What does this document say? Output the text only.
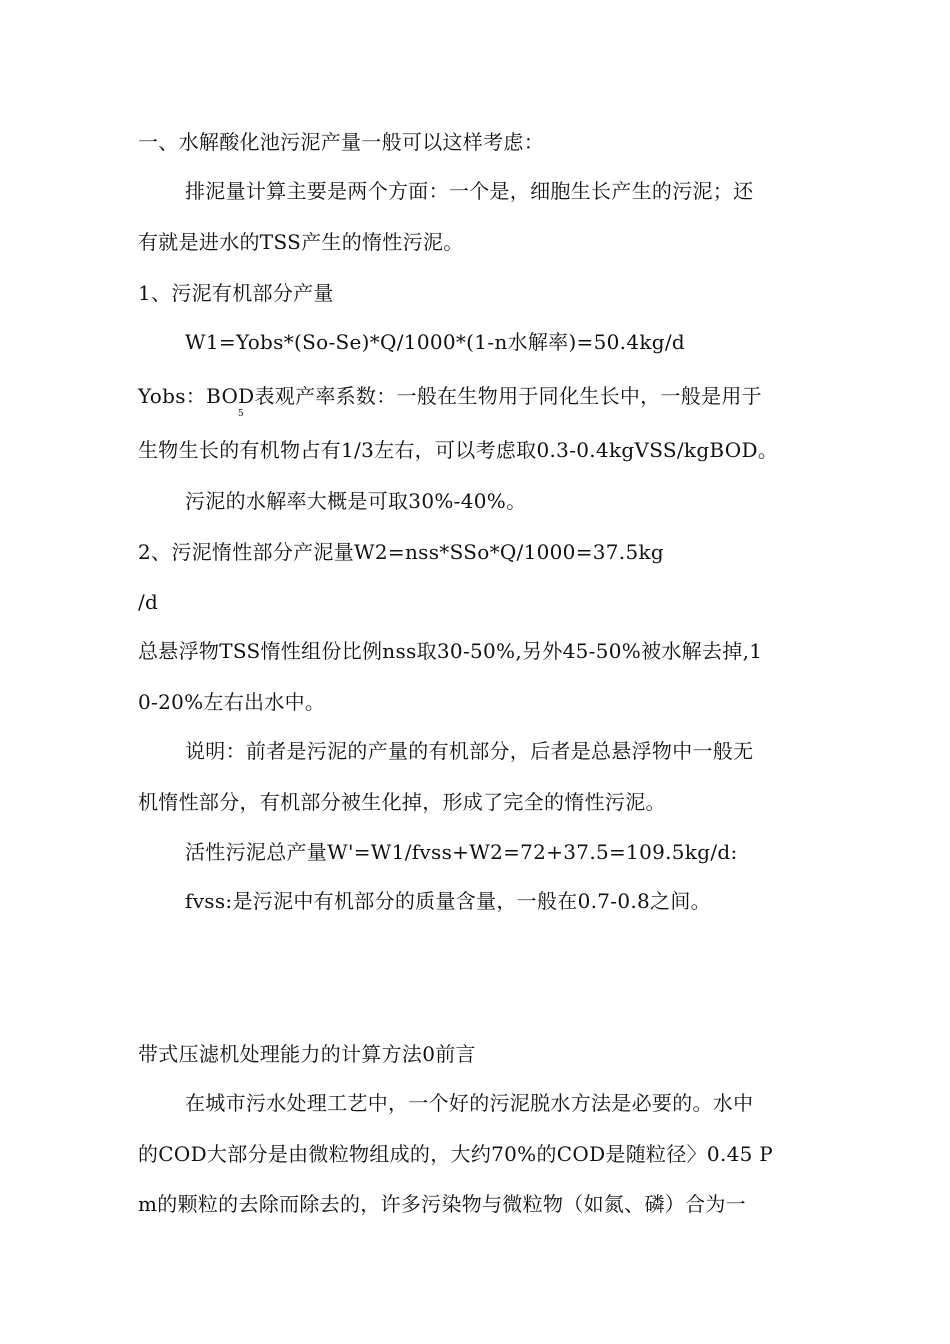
一、水解酸化池污泥产量一般可以这样考虑：
排泥量计算主要是两个方面：一个是，细胞生长产生的污泥；还
有就是进水的TSS产生的惰性污泥。
1、污泥有机部分产量
W1=Yobs*(So-Se)*Q/1000*(1-n水解率)=50.4kg/d
Yobs：BOD表观产率系数：一般在生物用于同化生长中，一般是用于
5
生物生长的有机物占有1/3左右，可以考虑取0.3-0.4kgVSS/kgBOD。
污泥的水解率大概是可取30%-40%。
2、污泥惰性部分产泥量W2=nss*SSo*Q/1000=37.5kg
/d
总悬浮物TSS惰性组份比例nss取30-50%,另外45-50%被水解去掉,1
0-20%左右出水中。
说明：前者是污泥的产量的有机部分，后者是总悬浮物中一般无
机惰性部分，有机部分被生化掉，形成了完全的惰性污泥。
活性污泥总产量W'=W1/fvss+W2=72+37.5=109.5kg/d:
fvss:是污泥中有机部分的质量含量，一般在0.7-0.8之间。
带式压滤机处理能力的计算方法0前言
在城市污水处理工艺中，一个好的污泥脱水方法是必要的。水中
的COD大部分是由微粒物组成的，大约70%的COD是随粒径〉0.45 P
m的颗粒的去除而除去的，许多污染物与微粒物（如氮、磷）合为一
